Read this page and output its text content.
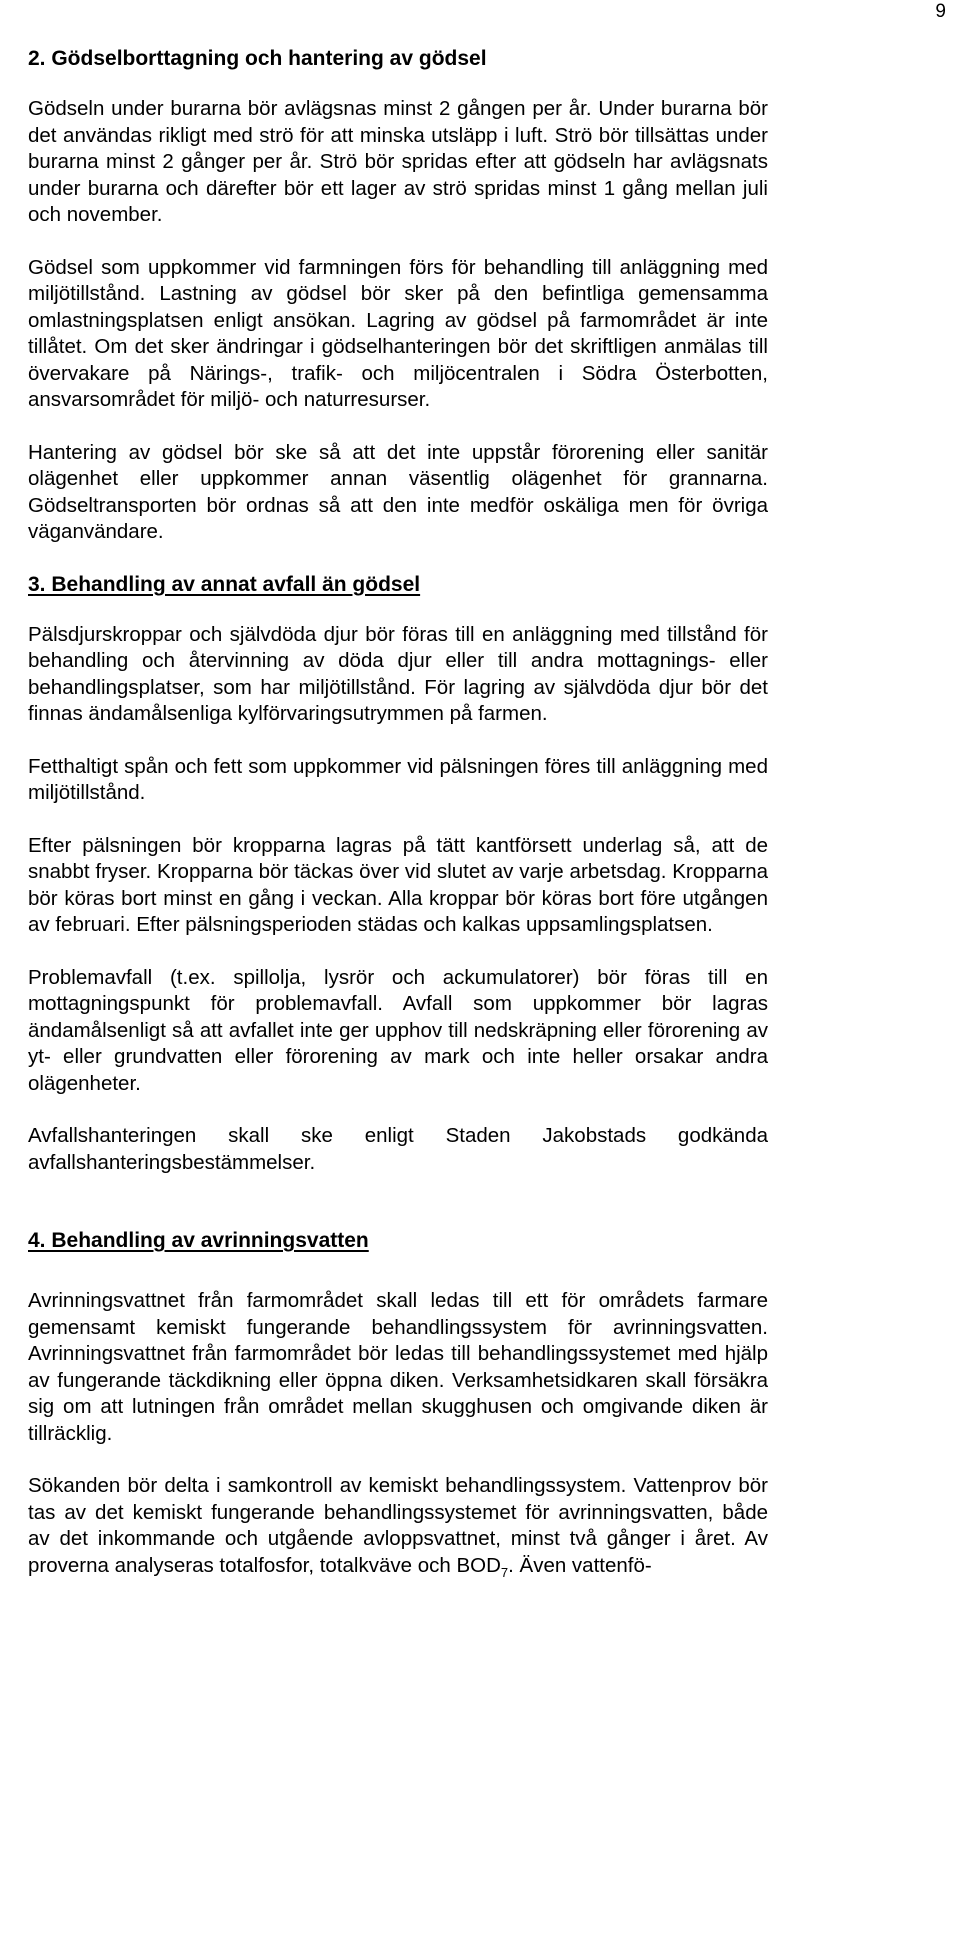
9
2. Gödselborttagning och hantering av gödsel

Gödseln under burarna bör avlägsnas minst 2 gången per år. Under burarna bör det användas rikligt med strö för att minska utsläpp i luft. Strö bör tillsättas under burarna minst 2 gånger per år. Strö bör spridas efter att gödseln har avlägsnats under burarna och därefter bör ett lager av strö spridas minst 1 gång mellan juli och november.

Gödsel som uppkommer vid farmningen förs för behandling till anläggning med miljötillstånd. Lastning av gödsel bör sker på den befintliga gemensamma omlastningsplatsen enligt ansökan. Lagring av gödsel på farmområdet är inte tillåtet. Om det sker ändringar i gödselhanteringen bör det skriftligen anmälas till övervakare på Närings-, trafik- och miljöcentralen i Södra Österbotten, ansvarsområdet för miljö- och naturresurser.

Hantering av gödsel bör ske så att det inte uppstår förorening eller sanitär olägenhet eller uppkommer annan väsentlig olägenhet för grannarna. Gödseltransporten bör ordnas så att den inte medför oskäliga men för övriga väganvändare.

3. Behandling av annat avfall än gödsel

Pälsdjurskroppar och självdöda djur bör föras till en anläggning med tillstånd för behandling och återvinning av döda djur eller till andra mottagnings- eller behandlingsplatser, som har miljötillstånd. För lagring av självdöda djur bör det finnas ändamålsenliga kylförvaringsutrymmen på farmen.

Fetthaltigt spån och fett som uppkommer vid pälsningen föres till anläggning med miljötillstånd.

Efter pälsningen bör kropparna lagras på tätt kantförsett underlag så, att de snabbt fryser. Kropparna bör täckas över vid slutet av varje arbetsdag. Kropparna bör köras bort minst en gång i veckan. Alla kroppar bör köras bort före utgången av februari. Efter pälsningsperioden städas och kalkas uppsamlingsplatsen.

Problemavfall (t.ex. spillolja, lysrör och ackumulatorer) bör föras till en mottagningspunkt för problemavfall. Avfall som uppkommer bör lagras ändamålsenligt så att avfallet inte ger upphov till nedskräpning eller förorening av yt- eller grundvatten eller förorening av mark och inte heller orsakar andra olägenheter.

Avfallshanteringen skall ske enligt Staden Jakobstads godkända avfallshanteringsbestämmelser.

4. Behandling av avrinningsvatten

Avrinningsvattnet från farmområdet skall ledas till ett för områdets farmare gemensamt kemiskt fungerande behandlingssystem för avrinningsvatten. Avrinningsvattnet från farmområdet bör ledas till behandlingssystemet med hjälp av fungerande täckdikning eller öppna diken. Verksamhetsidkaren skall försäkra sig om att lutningen från området mellan skugghusen och omgivande diken är tillräcklig.

Sökanden bör delta i samkontroll av kemiskt behandlingssystem. Vattenprov bör tas av det kemiskt fungerande behandlingssystemet för avrinningsvatten, både av det inkommande och utgående avloppsvattnet, minst två gånger i året. Av proverna analyseras totalfosfor, totalkväve och $BOD_7$. Även vattenfö-
